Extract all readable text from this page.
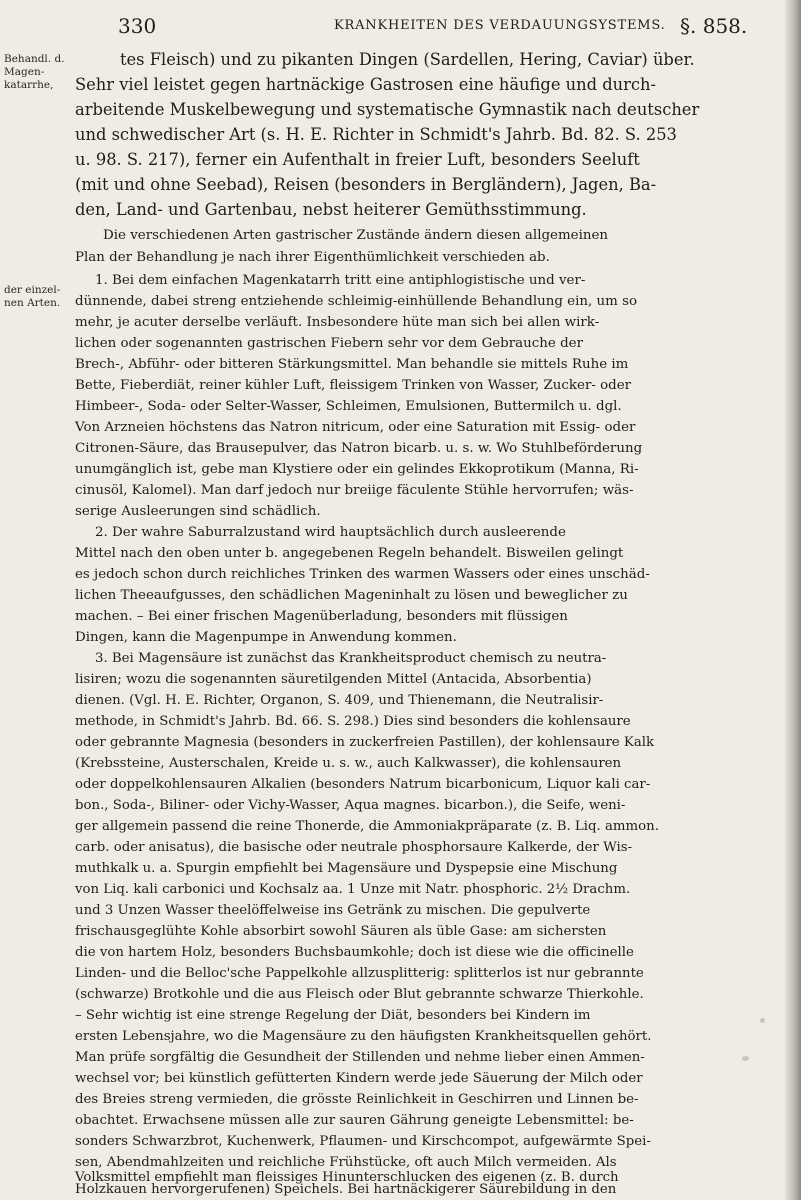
330	KRANKHEITEN DES VERDAUUNGSYSTEMS. §. 858.
Behandl. d. Magen-katarrhe,
der einzel-nen Arten.
tes Fleisch) und zu pikanten Dingen (Sardellen, Hering, Caviar) über.
Sehr viel leistet gegen hartnäckige Gastrosen eine häufige und durch-
arbeitende Muskelbewegung und systematische Gymnastik nach deutscher
und schwedischer Art (s. H. E. Richter in Schmidt's Jahrb. Bd. 82. S. 253
u. 98. S. 217), ferner ein Aufenthalt in freier Luft, besonders Seeluft
(mit und ohne Seebad), Reisen (besonders in Bergländern), Jagen, Ba-
den, Land- und Gartenbau, nebst heiterer Gemüthsstimmung.
Die verschiedenen Arten gastrischer Zustände ändern diesen allgemeinen
Plan der Behandlung je nach ihrer Eigenthümlichkeit verschieden ab.
1. Bei dem einfachen Magenkatarrh tritt eine antiphlogistische und ver-
dünnende, dabei streng entziehende schleimig-einhüllende Behandlung ein, um so
mehr, je acuter derselbe verläuft. Insbesondere hüte man sich bei allen wirk-
lichen oder sogenannten gastrischen Fiebern sehr vor dem Gebrauche der
Brech-, Abführ- oder bitteren Stärkungsmittel. Man behandle sie mittels Ruhe im
Bette, Fieberdiät, reiner kühler Luft, fleissigem Trinken von Wasser, Zucker- oder
Himbeer-, Soda- oder Selter-Wasser, Schleimen, Emulsionen, Buttermilch u. dgl.
Von Arzneien höchstens das Natron nitricum, oder eine Saturation mit Essig- oder
Citronen-Säure, das Brausepulver, das Natron bicarb. u. s. w. Wo Stuhlbeförderung
unumgänglich ist, gebe man Klystiere oder ein gelindes Ekkoprotikum (Manna, Ri-
cinusöl, Kalomel). Man darf jedoch nur breiige fäculente Stühle hervorrufen; wäs-
serige Ausleerungen sind schädlich.
2. Der wahre Saburralzustand wird hauptsächlich durch ausleerende
Mittel nach den oben unter b. angegebenen Regeln behandelt. Bisweilen gelingt
es jedoch schon durch reichliches Trinken des warmen Wassers oder eines unschäd-
lichen Theeaufgusses, den schädlichen Mageninhalt zu lösen und beweglicher zu
machen. – Bei einer frischen Magenüberladung, besonders mit flüssigen
Dingen, kann die Magenpumpe in Anwendung kommen.
3. Bei Magensäure ist zunächst das Krankheitsproduct chemisch zu neutra-
lisiren; wozu die sogenannten säuretilgenden Mittel (Antacida, Absorbentia)
dienen. (Vgl. H. E. Richter, Organon, S. 409, und Thienemann, die Neutralisir-
methode, in Schmidt's Jahrb. Bd. 66. S. 298.) Dies sind besonders die kohlensaure
oder gebrannte Magnesia (besonders in zuckerfreien Pastillen), der kohlensaure Kalk
(Krebssteine, Austerschalen, Kreide u. s. w., auch Kalkwasser), die kohlensauren
oder doppelkohlensauren Alkalien (besonders Natrum bicarbonicum, Liquor kali car-
bon., Soda-, Biliner- oder Vichy-Wasser, Aqua magnes. bicarbon.), die Seife, weni-
ger allgemein passend die reine Thonerde, die Ammoniakpräparate (z. B. Liq. ammon.
carb. oder anisatus), die basische oder neutrale phosphorsaure Kalkerde, der Wis-
muthkalk u. a. Spurgin empfiehlt bei Magensäure und Dyspepsie eine Mischung
von Liq. kali carbonici und Kochsalz aa. 1 Unze mit Natr. phosphoric. 2½ Drachm.
und 3 Unzen Wasser theelöffelweise ins Getränk zu mischen. Die gepulverte
frischausgeglühte Kohle absorbirt sowohl Säuren als üble Gase: am sichersten
die von hartem Holz, besonders Buchsbaumkohle; doch ist diese wie die officinelle
Linden- und die Belloc'sche Pappelkohle allzusplitterig: splitterlos ist nur gebrannte
(schwarze) Brotkohle und die aus Fleisch oder Blut gebrannte schwarze Thierkohle.
– Sehr wichtig ist eine strenge Regelung der Diät, besonders bei Kindern im
ersten Lebensjahre, wo die Magensäure zu den häufigsten Krankheitsquellen gehört.
Man prüfe sorgfältig die Gesundheit der Stillenden und nehme lieber einen Ammen-
wechsel vor; bei künstlich gefütterten Kindern werde jede Säuerung der Milch oder
des Breies streng vermieden, die grösste Reinlichkeit in Geschirren und Linnen be-
obachtet. Erwachsene müssen alle zur sauren Gährung geneigte Lebensmittel: be-
sonders Schwarzbrot, Kuchenwerk, Pflaumen- und Kirschcompot, aufgewärmte Spei-
sen, Abendmahlzeiten und reichliche Frühstücke, oft auch Milch vermeiden. Als
Volksmittel empfiehlt man fleissiges Hinunterschlucken des eigenen (z. B. durch
Holzkauen hervorgerufenen) Speichels. Bei hartnäckigerer Säurebildung in den
